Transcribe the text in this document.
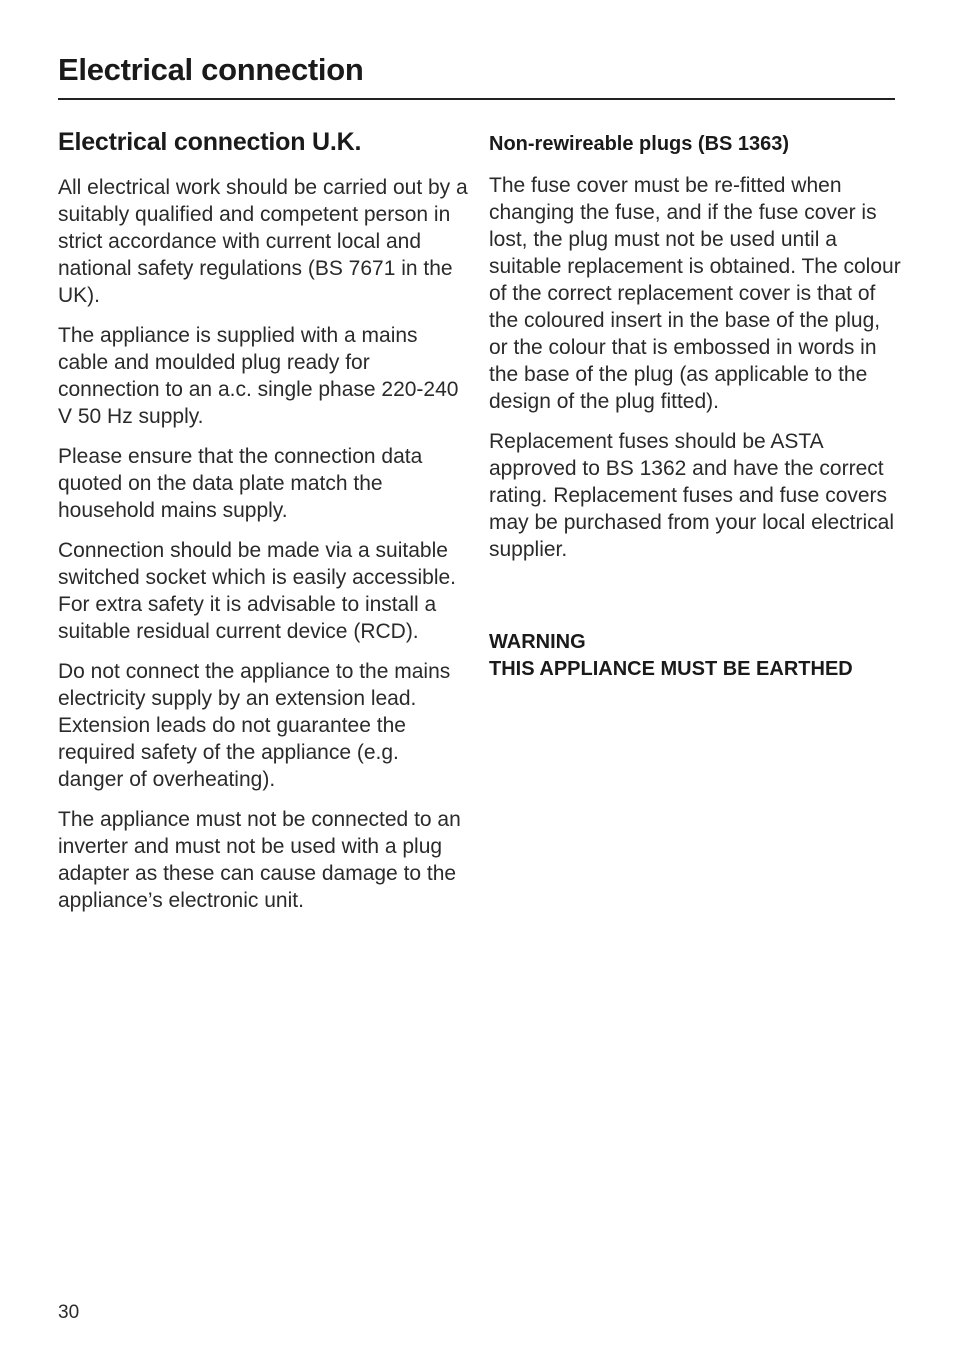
Electrical connection
Electrical connection U.K.

All electrical work should be carried out by a suitably qualified and competent person in strict accordance with current local and national safety regulations (BS 7671 in the UK).

The appliance is supplied with a mains cable and moulded plug ready for connection to an a.c. single phase 220-240 V 50 Hz supply.

Please ensure that the connection data quoted on the data plate match the household mains supply.

Connection should be made via a suitable switched socket which is easily accessible. For extra safety it is advisable to install a suitable residual current device (RCD).

Do not connect the appliance to the mains electricity supply by an extension lead. Extension leads do not guarantee the required safety of the appliance (e.g. danger of overheating).

The appliance must not be connected to an inverter and must not be used with a plug adapter as these can cause damage to the appliance’s electronic unit.

Non-rewireable plugs (BS 1363)

The fuse cover must be re-fitted when changing the fuse, and if the fuse cover is lost, the plug must not be used until a suitable replacement is obtained. The colour of the correct replacement cover is that of the coloured insert in the base of the plug, or the colour that is embossed in words in the base of the plug (as applicable to the design of the plug fitted).

Replacement fuses should be ASTA approved to BS 1362 and have the correct rating. Replacement fuses and fuse covers may be purchased from your local electrical supplier.

WARNING
THIS APPLIANCE MUST BE EARTHED
30
